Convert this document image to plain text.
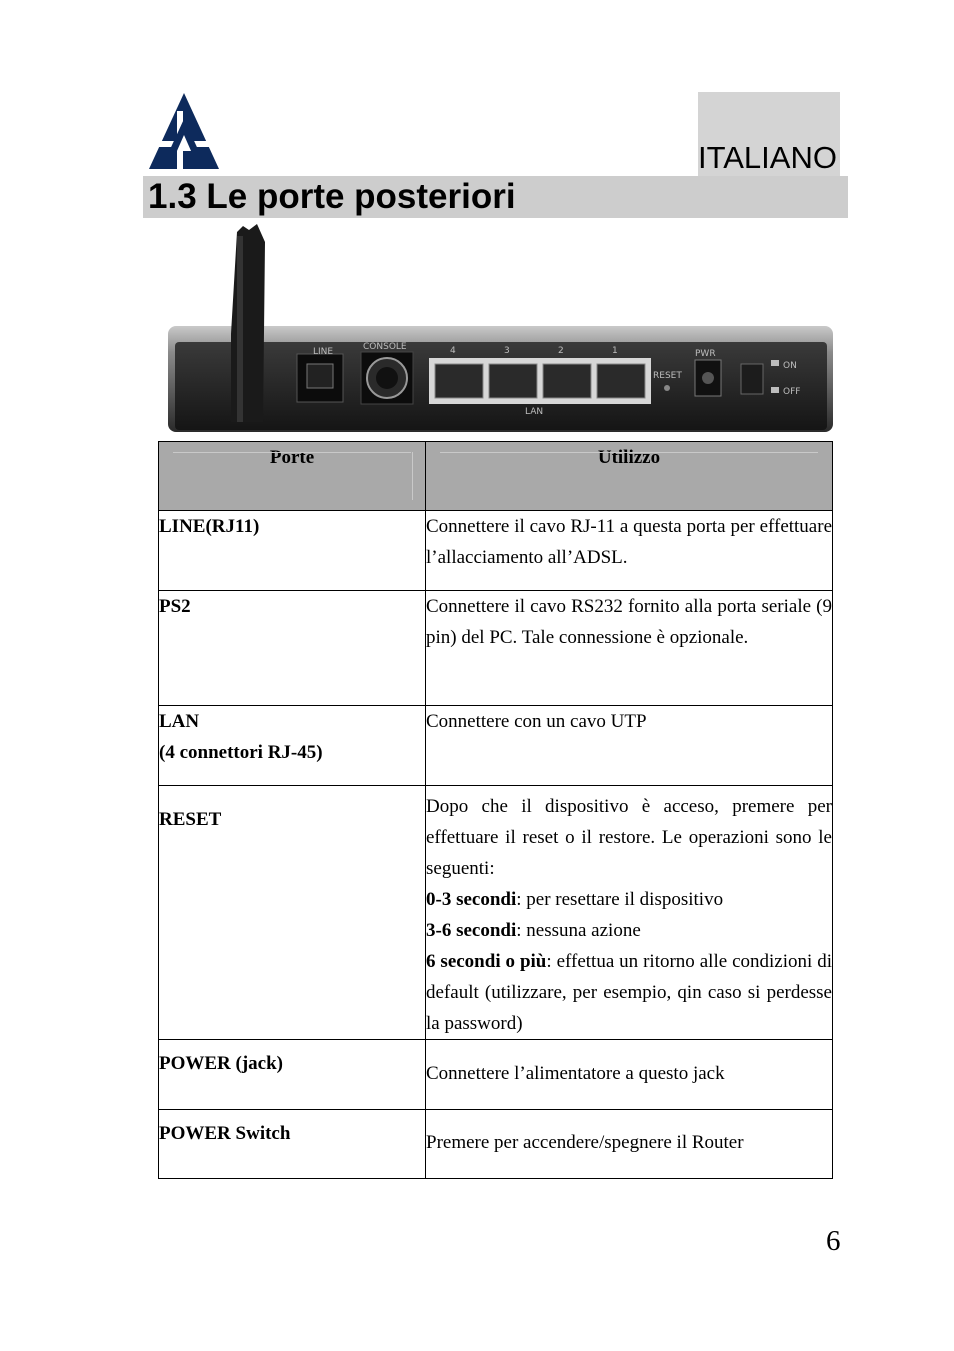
ITALIANO
1.3 Le porte posteriori
LINE	CONSOLE	4	3	2	1
LAN
RESET
PWR
ON
OFF
Porte	Utilizzo

LINE(RJ11)	Connettere il cavo RJ-11 a questa porta per effettuare l’allacciamento all’ADSL.

PS2	Connettere il cavo RS232 fornito alla porta seriale (9 pin) del PC. Tale connessione è opzionale.

LAN
(4 connettori RJ-45)	Connettere con un cavo UTP

RESET	Dopo che il dispositivo è acceso, premere per effettuare il reset o il restore. Le operazioni sono le seguenti:
0-3 secondi: per resettare il dispositivo
3-6 secondi: nessuna azione
6 secondi o più: effettua un ritorno alle condizioni di default (utilizzare, per esempio, qin caso si perdesse la password)

POWER (jack)	Connettere l’alimentatore a questo jack

POWER Switch	Premere per accendere/spegnere il Router
6
